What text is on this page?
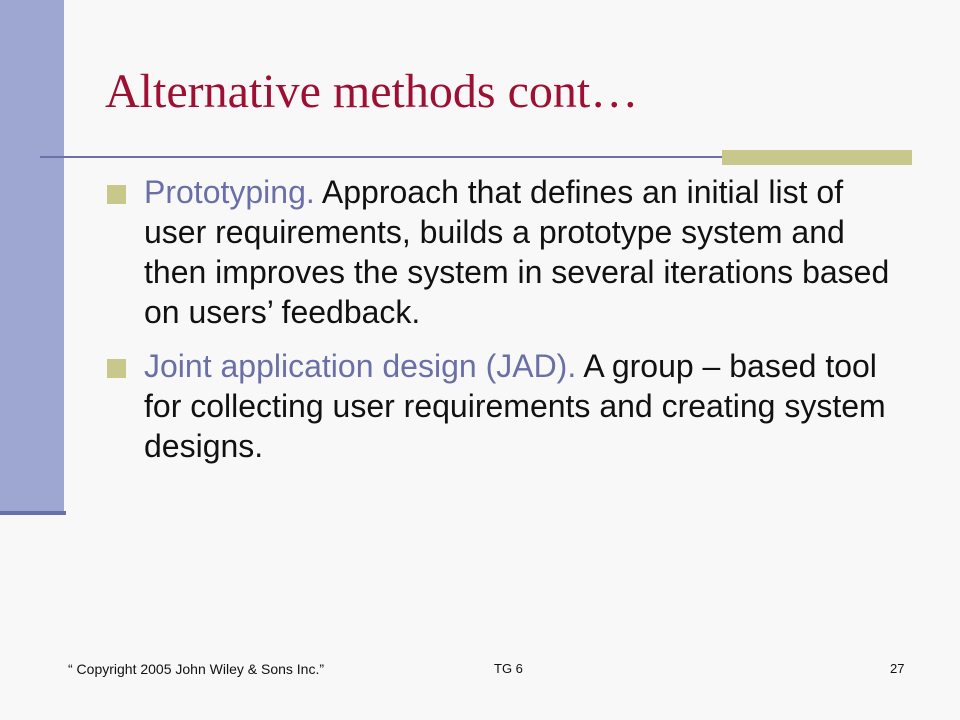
Alternative methods cont…
Prototyping. Approach that defines an initial list of user requirements, builds a prototype system and then improves the system in several iterations based on users’ feedback.
Joint application design (JAD). A group – based tool for collecting user requirements and creating system designs.
“ Copyright 2005 John Wiley & Sons Inc.”	TG 6	27
